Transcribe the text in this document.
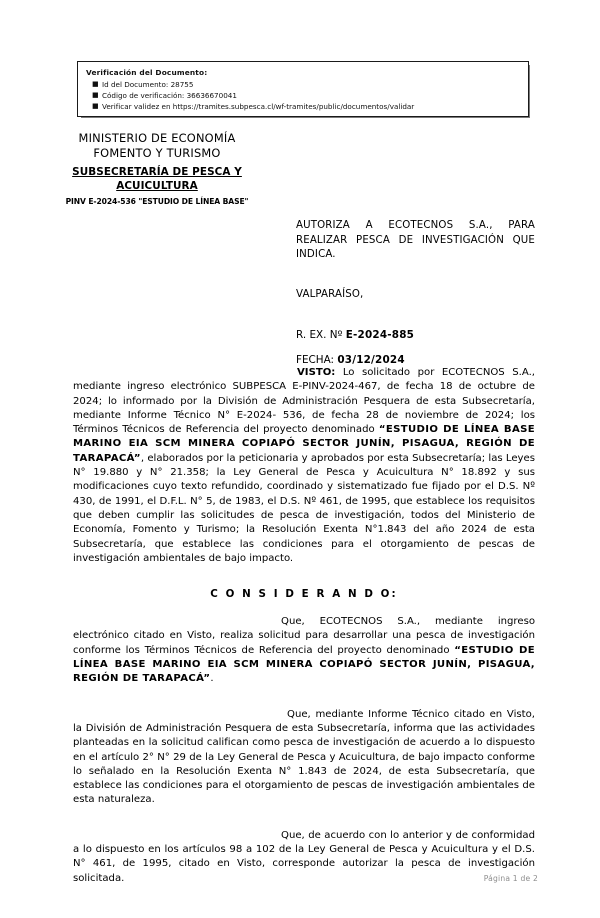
Verificación del Documento:
■ Id del Documento: 28755
■ Código de verificación: 36636670041
■ Verificar validez en https://tramites.subpesca.cl/wf-tramites/public/documentos/validar
MINISTERIO DE ECONOMÍA
FOMENTO Y TURISMO
SUBSECRETARÍA DE PESCA Y
ACUICULTURA
PINV E-2024-536 "ESTUDIO DE LÍNEA BASE"
AUTORIZA A ECOTECNOS S.A., PARA REALIZAR PESCA DE INVESTIGACIÓN QUE INDICA.
VALPARAÍSO,
R. EX. Nº E-2024-885
FECHA: 03/12/2024

VISTO: Lo solicitado por ECOTECNOS S.A., mediante ingreso electrónico SUBPESCA E-PINV-2024-467, de fecha 18 de octubre de 2024; lo informado por la División de Administración Pesquera de esta Subsecretaría, mediante Informe Técnico N° E-2024- 536, de fecha 28 de noviembre de 2024; los Términos Técnicos de Referencia del proyecto denominado “ESTUDIO DE LÍNEA BASE MARINO EIA SCM MINERA COPIAPÓ SECTOR JUNÍN, PISAGUA, REGIÓN DE TARAPACÁ”, elaborados por la peticionaria y aprobados por esta Subsecretaría; las Leyes N° 19.880 y N° 21.358; la Ley General de Pesca y Acuicultura N° 18.892 y sus modificaciones cuyo texto refundido, coordinado y sistematizado fue fijado por el D.S. Nº 430, de 1991, el D.F.L. N° 5, de 1983, el D.S. Nº 461, de 1995, que establece los requisitos que deben cumplir las solicitudes de pesca de investigación, todos del Ministerio de Economía, Fomento y Turismo; la Resolución Exenta N°1.843 del año 2024 de esta Subsecretaría, que establece las condiciones para el otorgamiento de pescas de investigación ambientales de bajo impacto.

C O N S I D E R A N D O:

Que, ECOTECNOS S.A., mediante ingreso electrónico citado en Visto, realiza solicitud para desarrollar una pesca de investigación conforme los Términos Técnicos de Referencia del proyecto denominado “ESTUDIO DE LÍNEA BASE MARINO EIA SCM MINERA COPIAPÓ SECTOR JUNÍN, PISAGUA, REGIÓN DE TARAPACÁ”.

Que, mediante Informe Técnico citado en Visto, la División de Administración Pesquera de esta Subsecretaría, informa que las actividades planteadas en la solicitud califican como pesca de investigación de acuerdo a lo dispuesto en el artículo 2° N° 29 de la Ley General de Pesca y Acuicultura, de bajo impacto conforme lo señalado en la Resolución Exenta N° 1.843 de 2024, de esta Subsecretaría, que establece las condiciones para el otorgamiento de pescas de investigación ambientales de esta naturaleza.

Que, de acuerdo con lo anterior y de conformidad a lo dispuesto en los artículos 98 a 102 de la Ley General de Pesca y Acuicultura y el D.S. N° 461, de 1995, citado en Visto, corresponde autorizar la pesca de investigación solicitada.	Página 1 de 2
